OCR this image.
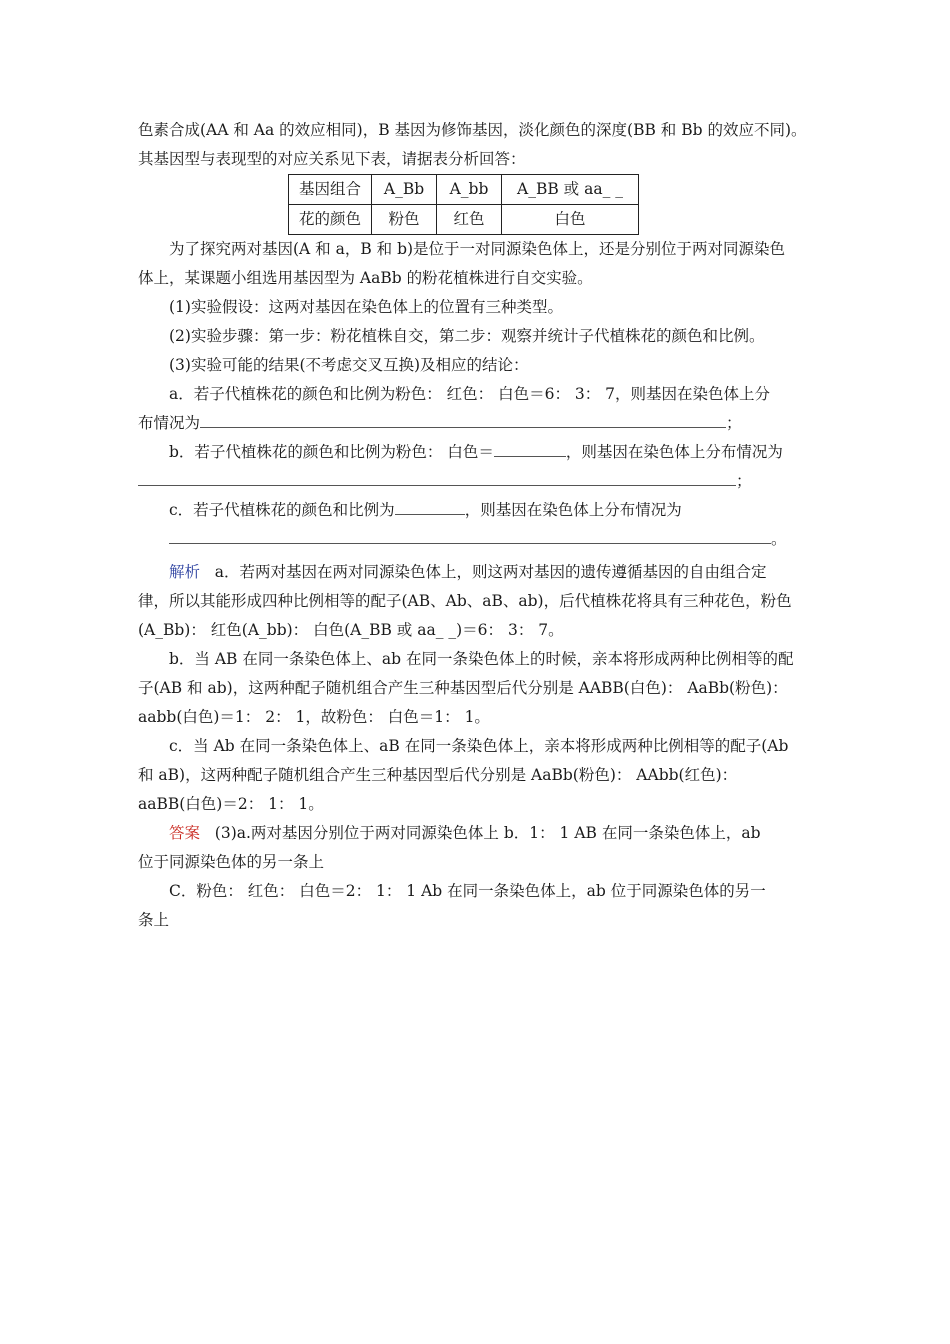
色素合成(AA 和 Aa 的效应相同)，B 基因为修饰基因，淡化颜色的深度(BB 和 Bb 的效应不同)。
其基因型与表现型的对应关系见下表，请据表分析回答：
基因组合	A_Bb	A_bb	A_BB 或 aa_ _
花的颜色	粉色	红色	白色
为了探究两对基因(A 和 a，B 和 b)是位于一对同源染色体上，还是分别位于两对同源染色
体上，某课题小组选用基因型为 AaBb 的粉花植株进行自交实验。
(1)实验假设：这两对基因在染色体上的位置有三种类型。
(2)实验步骤：第一步：粉花植株自交，第二步：观察并统计子代植株花的颜色和比例。
(3)实验可能的结果(不考虑交叉互换)及相应的结论：
a．若子代植株花的颜色和比例为粉色： 红色： 白色＝6： 3： 7，则基因在染色体上分
布情况为	；
b．若子代植株花的颜色和比例为粉色： 白色＝	，则基因在染色体上分布情况为
；
c．若子代植株花的颜色和比例为	，则基因在染色体上分布情况为
。
解析 a．若两对基因在两对同源染色体上，则这两对基因的遗传遵循基因的自由组合定
律，所以其能形成四种比例相等的配子(AB、Ab、aB、ab)，后代植株花将具有三种花色，粉色
(A_Bb)： 红色(A_bb)： 白色(A_BB 或 aa_ _)＝6： 3： 7。
b．当 AB 在同一条染色体上、ab 在同一条染色体上的时候，亲本将形成两种比例相等的配
子(AB 和 ab)，这两种配子随机组合产生三种基因型后代分别是 AABB(白色)： AaBb(粉色)：
aabb(白色)＝1： 2： 1，故粉色： 白色＝1： 1。
c．当 Ab 在同一条染色体上、aB 在同一条染色体上，亲本将形成两种比例相等的配子(Ab
和 aB)，这两种配子随机组合产生三种基因型后代分别是 AaBb(粉色)： AAbb(红色)：
aaBB(白色)＝2： 1： 1。
答案 (3)a.两对基因分别位于两对同源染色体上 b．1： 1 AB 在同一条染色体上，ab
位于同源染色体的另一条上
C．粉色： 红色： 白色＝2： 1： 1 Ab 在同一条染色体上，ab 位于同源染色体的另一
条上
